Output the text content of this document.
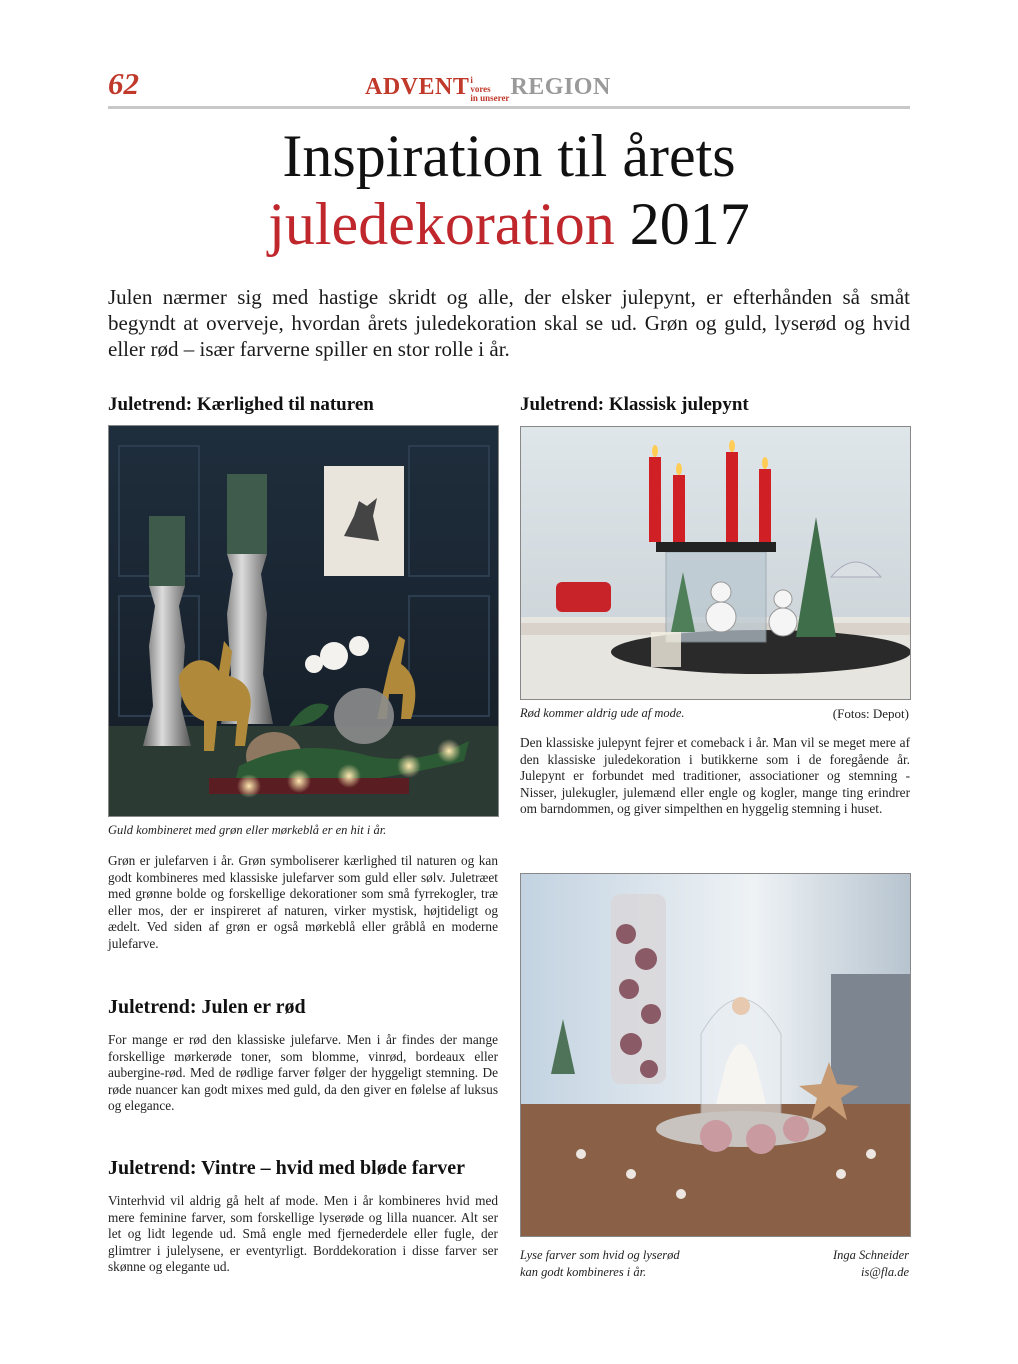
62	ADVENT i
vores
in unserer REGION
Inspiration til årets
juledekoration 2017
Julen nærmer sig med hastige skridt og alle, der elsker julepynt, er efterhånden så småt begyndt at overveje, hvordan årets juledekoration skal se ud. Grøn og guld, lyserød og hvid eller rød – især farverne spiller en stor rolle i år.
Juletrend: Kærlighed til naturen
Guld kombineret med grøn eller mørkeblå er en hit i år.
Grøn er julefarven i år. Grøn symboliserer kærlighed til naturen og kan godt kombineres med klassiske julefarver som guld eller sølv. Juletræet med grønne bolde og forskellige dekorationer som små fyrrekogler, træ eller mos, der er inspireret af naturen, virker mystisk, højtideligt og ædelt. Ved siden af grøn er også mørkeblå eller gråblå en moderne julefarve.
Juletrend: Julen er rød
For mange er rød den klassiske julefarve. Men i år findes der mange forskellige mørkerøde toner, som blomme, vinrød, bordeaux eller aubergine-rød. Med de rødlige farver følger der hyggeligt stemning. De røde nuancer kan godt mixes med guld, da den giver en følelse af luksus og elegance.
Juletrend: Vintre – hvid med bløde farver
Vinterhvid vil aldrig gå helt af mode. Men i år kombineres hvid med mere feminine farver, som forskellige lyserøde og lilla nuancer. Alt ser let og lidt legende ud. Små engle med fjernederdele eller fugle, der glimtrer i julelysene, er eventyrligt. Borddekoration i disse farver ser skønne og elegante ud.
Juletrend: Klassisk julepynt
Rød kommer aldrig ude af mode.	(Fotos: Depot)
Den klassiske julepynt fejrer et comeback i år. Man vil se meget mere af den klassiske juledekoration i butikkerne som i de foregående år. Julepynt er forbundet med traditioner, associationer og stemning - Nisser, julekugler, julemænd eller engle og kogler, mange ting erindrer om barndommen, og giver simpelthen en hyggelig stemning i huset.
Lyse farver som hvid og lyserød
kan godt kombineres i år.
Inga Schneider
is@fla.de
